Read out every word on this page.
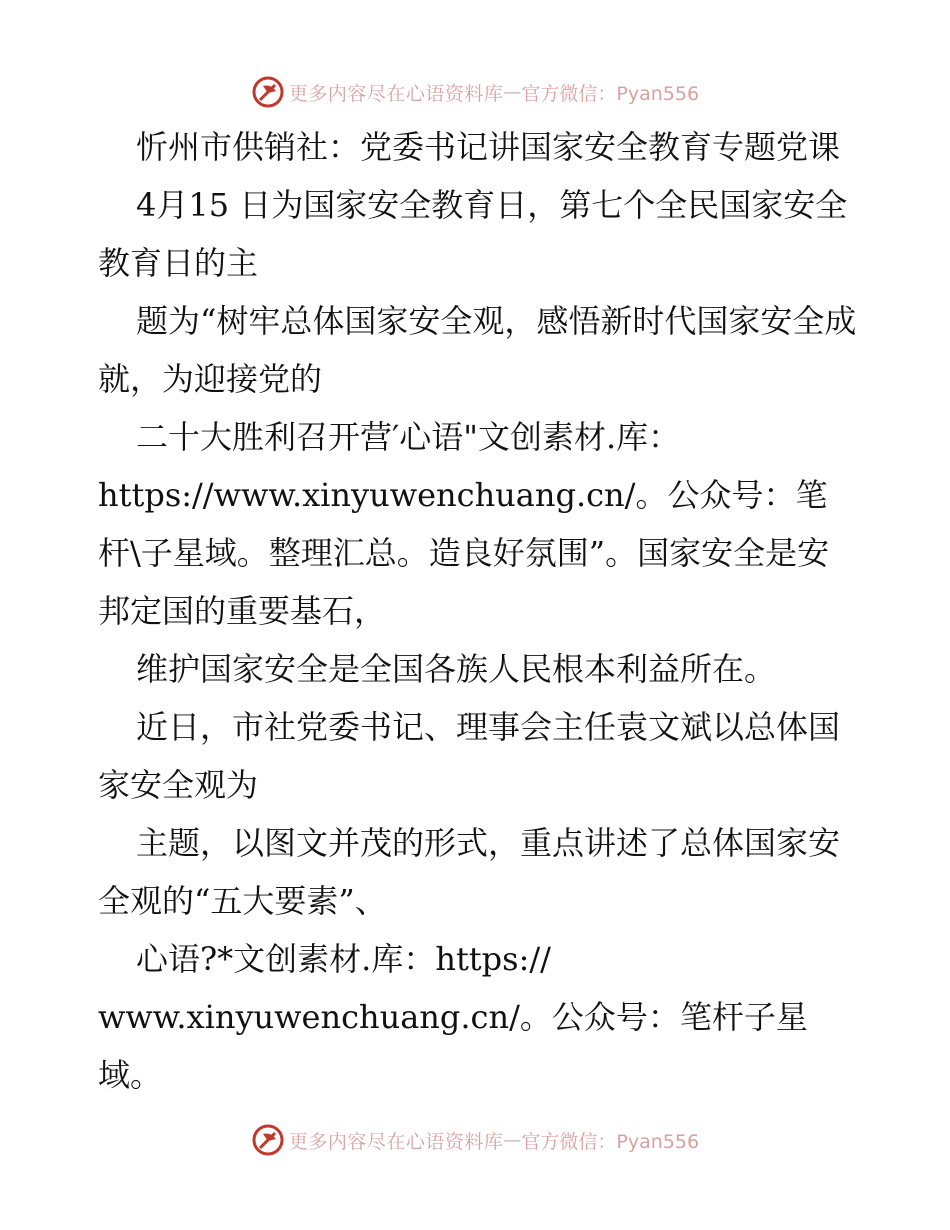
更多内容尽在心语资料库 — 官方微信：Pyan556

忻州市供销社：党委书记讲国家安全教育专题党课

4月15 日为国家安全教育日，第七个全民国家安全教育日的主

题为“树牢总体国家安全观，感悟新时代国家安全成就，为迎接党的

二十大胜利召开营′心语"文创素材.库：

https://www.xinyuwenchuang.cn/。公众号：笔杆\子星域。整理汇总。造良好氛围”。国家安全是安邦定国的重要基石，

维护国家安全是全国各族人民根本利益所在。

近日，市社党委书记、理事会主任袁文斌以总体国家安全观为

主题，以图文并茂的形式，重点讲述了总体国家安全观的“五大要素”、

心语?*文创素材.库：https://

www.xinyuwenchuang.cn/。公众号：笔杆子星域。

更多内容尽在心语资料库 — 官方微信：Pyan556
